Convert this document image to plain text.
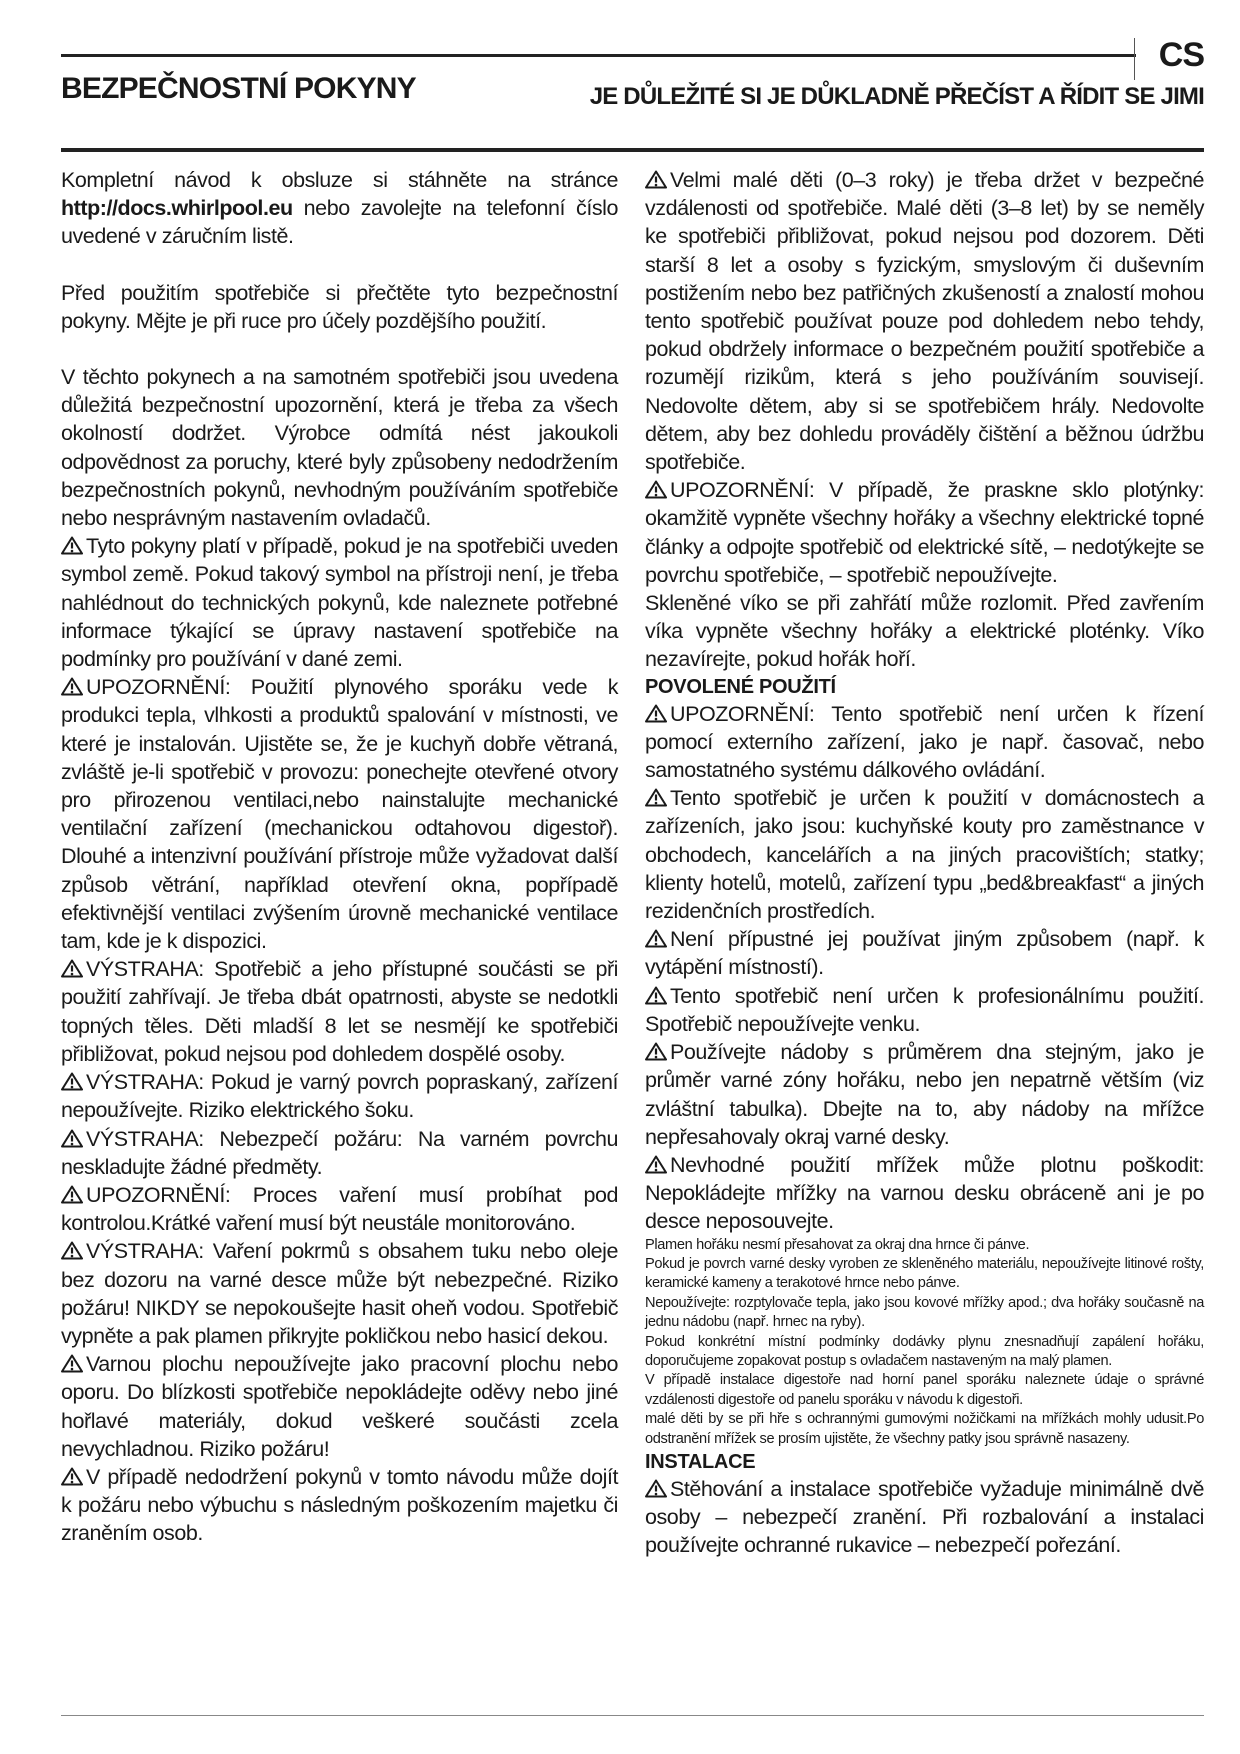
CS
BEZPEČNOSTNÍ POKYNY	JE DŮLEŽITÉ SI JE DŮKLADNĚ PŘEČÍST A ŘÍDIT SE JIMI

Kompletní návod k obsluze si stáhněte na stránce http://docs.whirlpool.eu nebo zavolejte na telefonní číslo uvedené v záručním listě.

Před použitím spotřebiče si přečtěte tyto bezpečnostní pokyny. Mějte je při ruce pro účely pozdějšího použití.

V těchto pokynech a na samotném spotřebiči jsou uvedena důležitá bezpečnostní upozornění, která je třeba za všech okolností dodržet. Výrobce odmítá nést jakoukoli odpovědnost za poruchy, které byly způsobeny nedodržením bezpečnostních pokynů, nevhodným používáním spotřebiče nebo nesprávným nastavením ovladačů.

Tyto pokyny platí v případě, pokud je na spotřebiči uveden symbol země. Pokud takový symbol na přístroji není, je třeba nahlédnout do technických pokynů, kde naleznete potřebné informace týkající se úpravy nastavení spotřebiče na podmínky pro používání v dané zemi.

UPOZORNĚNÍ: Použití plynového sporáku vede k produkci tepla, vlhkosti a produktů spalování v místnosti, ve které je instalován. Ujistěte se, že je kuchyň dobře větraná, zvláště je-li spotřebič v provozu: ponechejte otevřené otvory pro přirozenou ventilaci,nebo nainstalujte mechanické ventilační zařízení (mechanickou odtahovou digestoř). Dlouhé a intenzivní používání přístroje může vyžadovat další způsob větrání, například otevření okna, popřípadě efektivnější ventilaci zvýšením úrovně mechanické ventilace tam, kde je k dispozici.

VÝSTRAHA: Spotřebič a jeho přístupné součásti se při použití zahřívají. Je třeba dbát opatrnosti, abyste se nedotkli topných těles. Děti mladší 8 let se nesmějí ke spotřebiči přibližovat, pokud nejsou pod dohledem dospělé osoby.

VÝSTRAHA: Pokud je varný povrch popraskaný, zařízení nepoužívejte. Riziko elektrického šoku.

VÝSTRAHA: Nebezpečí požáru: Na varném povrchu neskladujte žádné předměty.

UPOZORNĚNÍ: Proces vaření musí probíhat pod kontrolou.Krátké vaření musí být neustále monitorováno.

VÝSTRAHA: Vaření pokrmů s obsahem tuku nebo oleje bez dozoru na varné desce může být nebezpečné. Riziko požáru! NIKDY se nepokoušejte hasit oheň vodou. Spotřebič vypněte a pak plamen přikryjte pokličkou nebo hasicí dekou.

Varnou plochu nepoužívejte jako pracovní plochu nebo oporu. Do blízkosti spotřebiče nepokládejte oděvy nebo jiné hořlavé materiály, dokud veškeré součásti zcela nevychladnou. Riziko požáru!

V případě nedodržení pokynů v tomto návodu může dojít k požáru nebo výbuchu s následným poškozením majetku či zraněním osob.

Velmi malé děti (0–3 roky) je třeba držet v bezpečné vzdálenosti od spotřebiče. Malé děti (3–8 let) by se neměly ke spotřebiči přibližovat, pokud nejsou pod dozorem. Děti starší 8 let a osoby s fyzickým, smyslovým či duševním postižením nebo bez patřičných zkušeností a znalostí mohou tento spotřebič používat pouze pod dohledem nebo tehdy, pokud obdržely informace o bezpečném použití spotřebiče a rozumějí rizikům, která s jeho používáním souvisejí. Nedovolte dětem, aby si se spotřebičem hrály. Nedovolte dětem, aby bez dohledu prováděly čištění a běžnou údržbu spotřebiče.

UPOZORNĚNÍ: V případě, že praskne sklo plotýnky: okamžitě vypněte všechny hořáky a všechny elektrické topné články a odpojte spotřebič od elektrické sítě, – nedotýkejte se povrchu spotřebiče, – spotřebič nepoužívejte.

Skleněné víko se při zahřátí může rozlomit. Před zavřením víka vypněte všechny hořáky a elektrické ploténky. Víko nezavírejte, pokud hořák hoří.

POVOLENÉ POUŽITÍ

UPOZORNĚNÍ: Tento spotřebič není určen k řízení pomocí externího zařízení, jako je např. časovač, nebo samostatného systému dálkového ovládání.

Tento spotřebič je určen k použití v domácnostech a zařízeních, jako jsou: kuchyňské kouty pro zaměstnance v obchodech, kancelářích a na jiných pracovištích; statky; klienty hotelů, motelů, zařízení typu „bed&breakfast“ a jiných rezidenčních prostředích.

Není přípustné jej používat jiným způsobem (např. k vytápění místností).

Tento spotřebič není určen k profesionálnímu použití. Spotřebič nepoužívejte venku.

Používejte nádoby s průměrem dna stejným, jako je průměr varné zóny hořáku, nebo jen nepatrně větším (viz zvláštní tabulka). Dbejte na to, aby nádoby na mřížce nepřesahovaly okraj varné desky.

Nevhodné použití mřížek může plotnu poškodit: Nepokládejte mřížky na varnou desku obráceně ani je po desce neposouvejte.

Plamen hořáku nesmí přesahovat za okraj dna hrnce či pánve.

Pokud je povrch varné desky vyroben ze skleněného materiálu, nepoužívejte litinové rošty, keramické kameny a terakotové hrnce nebo pánve.

Nepoužívejte: rozptylovače tepla, jako jsou kovové mřížky apod.; dva hořáky současně na jednu nádobu (např. hrnec na ryby).

Pokud konkrétní místní podmínky dodávky plynu znesnadňují zapálení hořáku, doporučujeme zopakovat postup s ovladačem nastaveným na malý plamen.

V případě instalace digestoře nad horní panel sporáku naleznete údaje o správné vzdálenosti digestoře od panelu sporáku v návodu k digestoři.

malé děti by se při hře s ochrannými gumovými nožičkami na mřížkách mohly udusit.Po odstranění mřížek se prosím ujistěte, že všechny patky jsou správně nasazeny.

INSTALACE

Stěhování a instalace spotřebiče vyžaduje minimálně dvě osoby – nebezpečí zranění. Při rozbalování a instalaci používejte ochranné rukavice – nebezpečí pořezání.
